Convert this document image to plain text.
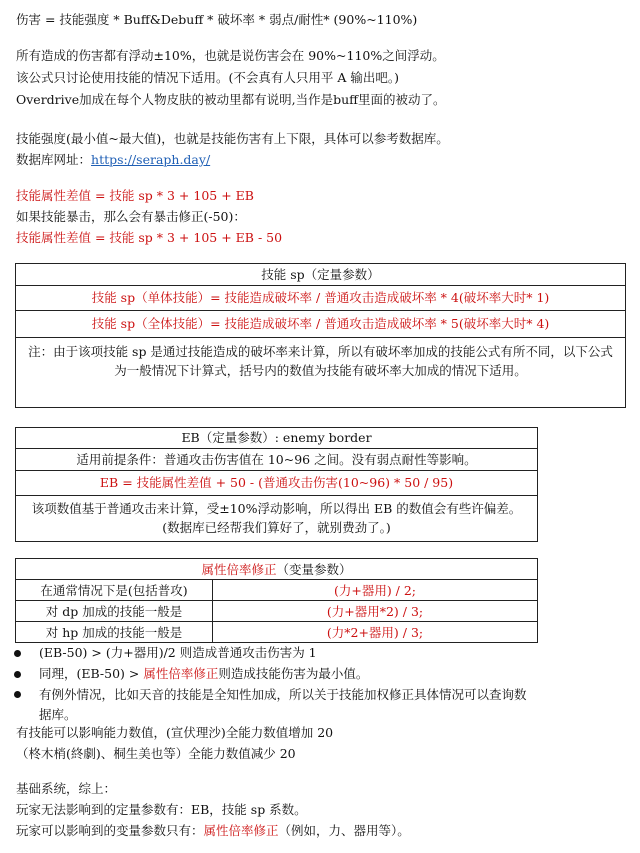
伤害 = 技能强度 * Buff&Debuff * 破坏率 * 弱点/耐性* (90%~110%)
所有造成的伤害都有浮动±10%，也就是说伤害会在 90%~110%之间浮动。
该公式只讨论使用技能的情况下适用。(不会真有人只用平 A 输出吧。)
Overdrive加成在每个人物皮肤的被动里都有说明,当作是buff里面的被动了。
技能强度(最小值~最大值)，也就是技能伤害有上下限，具体可以参考数据库。
数据库网址：https://seraph.day/
技能属性差值 = 技能 sp * 3 + 105 + EB
如果技能暴击，那么会有暴击修正(-50)：
技能属性差值 = 技能 sp * 3 + 105 + EB - 50
技能 sp（定量参数）
技能 sp（单体技能）= 技能造成破坏率 / 普通攻击造成破坏率 * 4(破坏率大时* 1)
技能 sp（全体技能）= 技能造成破坏率 / 普通攻击造成破坏率 * 5(破坏率大时* 4)
注：由于该项技能 sp 是通过技能造成的破坏率来计算，所以有破坏率加成的技能公式有所不同，以下公式为一般情况下计算式，括号内的数值为技能有破坏率大加成的情况下适用。
EB（定量参数）: enemy border
适用前提条件：普通攻击伤害值在 10~96 之间。没有弱点耐性等影响。
EB = 技能属性差值 + 50 - (普通攻击伤害(10~96) * 50 / 95)
该项数值基于普通攻击来计算，受±10%浮动影响，所以得出 EB 的数值会有些许偏差。(数据库已经帮我们算好了，就别费劲了。)
属性倍率修正（变量参数）	
在通常情况下是(包括普攻)	(力+器用) / 2;
对 dp 加成的技能一般是	(力+器用*2) / 3;
对 hp 加成的技能一般是	(力*2+器用) / 3;
(EB-50) > (力+器用)/2 则造成普通攻击伤害为 1
同理，(EB-50) > 属性倍率修正则造成技能伤害为最小值。
有例外情况，比如天音的技能是全知性加成，所以关于技能加权修正具体情况可以查询数据库。
有技能可以影响能力数值，(宣伏理沙)全能力数值增加 20
（柊木梢(終劇)、桐生美也等）全能力数值减少 20
基础系统，综上：
玩家无法影响到的定量参数有：EB，技能 sp 系数。
玩家可以影响到的变量参数只有：属性倍率修正（例如，力、器用等）。
